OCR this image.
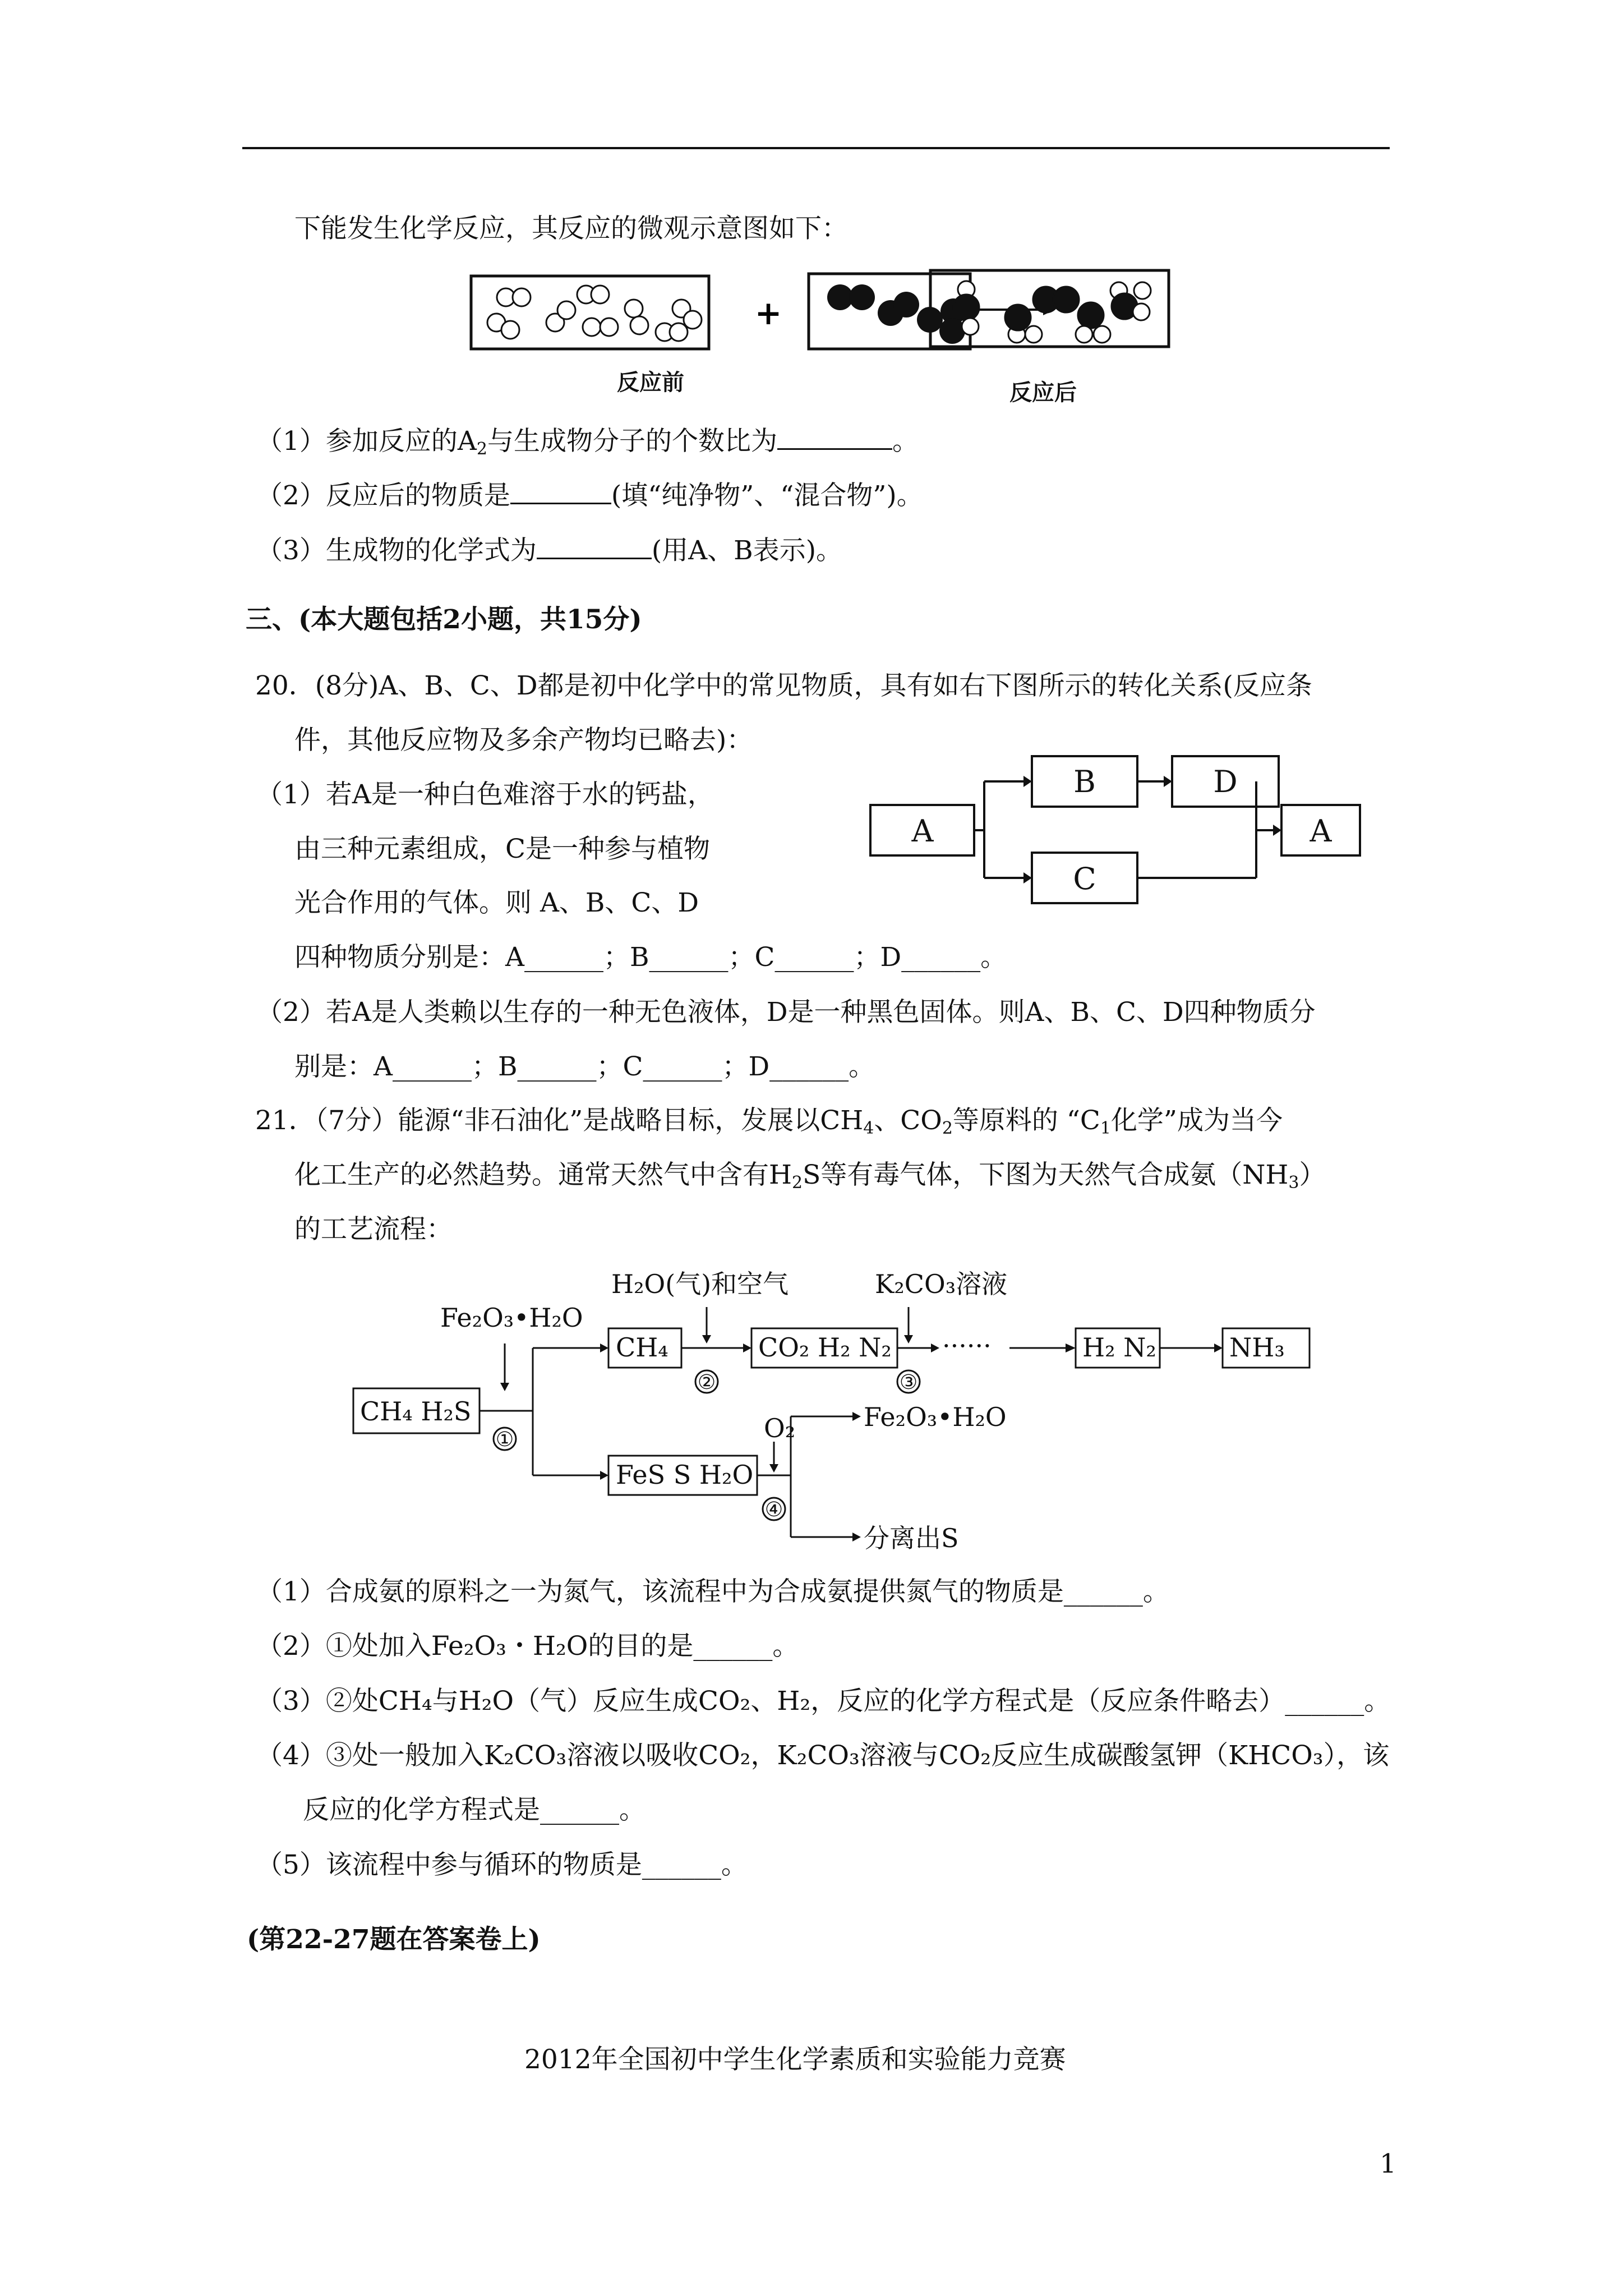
下能发生化学反应，其反应的微观示意图如下：
+
反应前	反应后
（1）参加反应的$A_2$与生成物分子的个数比为	。
（2）反应后的物质是	(填“纯净物”、“混合物”)。
（3）生成物的化学式为	(用A、B表示)。
三、(本大题包括2小题，共15分)
20．(8分)A、B、C、D都是初中化学中的常见物质，具有如右下图所示的转化关系(反应条
件，其他反应物及多余产物均已略去)：
（1）若A是一种白色难溶于水的钙盐，
由三种元素组成，C是一种参与植物
光合作用的气体。则 A、B、C、D
四种物质分别是：A______；B______；C______；D______。
（2）若A是人类赖以生存的一种无色液体，D是一种黑色固体。则A、B、C、D四种物质分
别是：A______；B______；C______；D______。
A
B	D
C
A
21．（7分）能源“非石油化”是战略目标，发展以$CH_4$、$CO_2$等原料的 “$C_1$化学”成为当今
化工生产的必然趋势。通常天然气中含有$H_2S$等有毒气体，下图为天然气合成氨$(NH_3)$
的工艺流程：
CH₄ H₂S
Fe₂O₃•H₂O
CH₄
H₂O(气)和空气
CO₂ H₂ N₂
K₂CO₃溶液
······	H₂ N₂	NH₃
FeS S H₂O
O₂	Fe₂O₃•H₂O
分离出S
①
②	③
④
（1）合成氨的原料之一为氮气，该流程中为合成氨提供氮气的物质是______。
（2）①处加入Fe₂O₃・H₂O的目的是______。
（3）②处CH₄与H₂O（气）反应生成CO₂、H₂，反应的化学方程式是（反应条件略去）______。
（4）③处一般加入K₂CO₃溶液以吸收CO₂，K₂CO₃溶液与CO₂反应生成碳酸氢钾（KHCO₃），该
反应的化学方程式是______。
（5）该流程中参与循环的物质是______。
(第22-27题在答案卷上)
2012年全国初中学生化学素质和实验能力竞赛
1
